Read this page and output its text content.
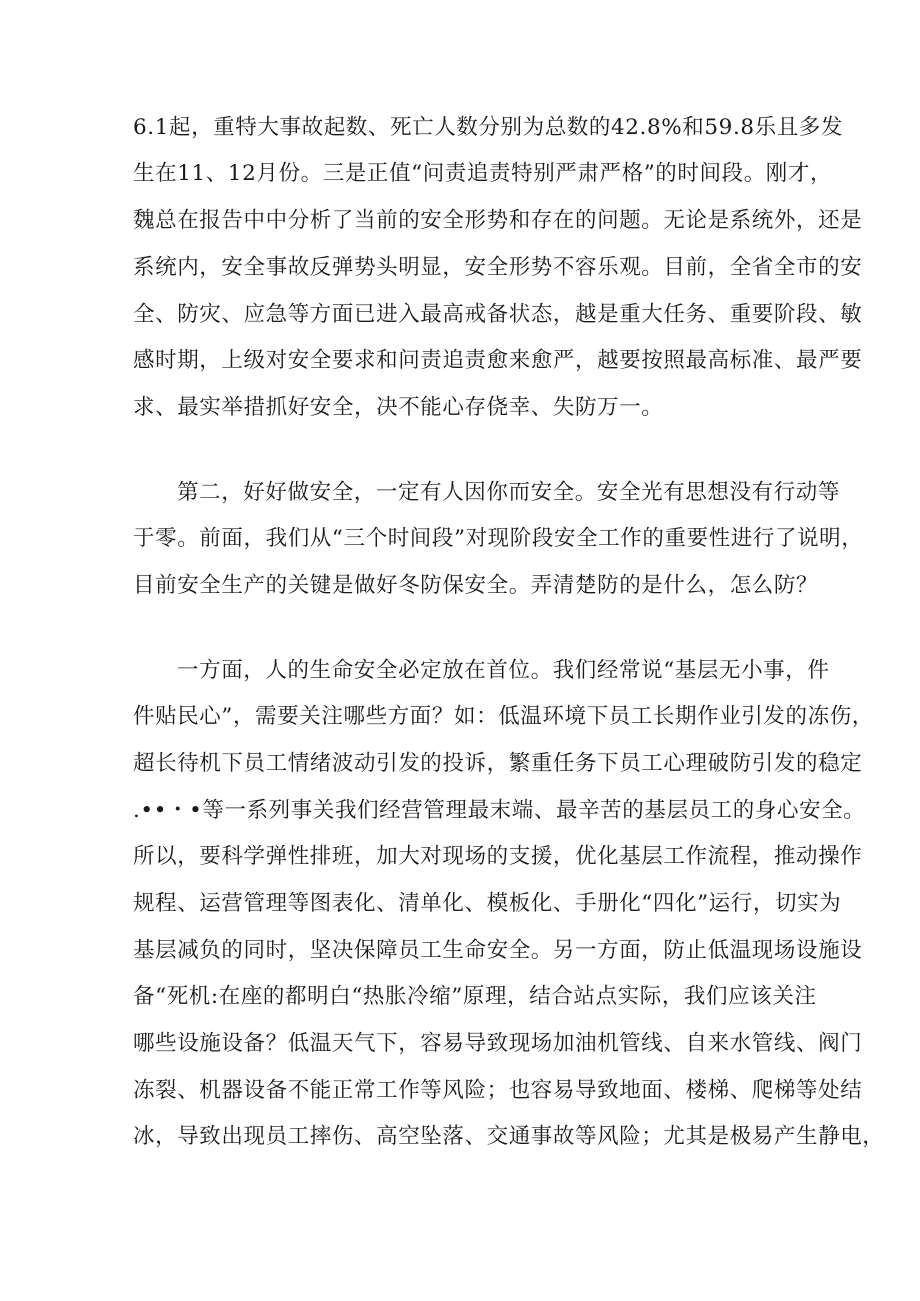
6.1起，重特大事故起数、死亡人数分别为总数的42.8%和59.8乐且多发
生在11、12月份。三是正值“问责追责特别严肃严格”的时间段。刚才，
魏总在报告中中分析了当前的安全形势和存在的问题。无论是系统外，还是
系统内，安全事故反弹势头明显，安全形势不容乐观。目前，全省全市的安
全、防灾、应急等方面已进入最高戒备状态，越是重大任务、重要阶段、敏
感时期，上级对安全要求和问责追责愈来愈严，越要按照最高标准、最严要
求、最实举措抓好安全，决不能心存侥幸、失防万一。
第二，好好做安全，一定有人因你而安全。安全光有思想没有行动等
于零。前面，我们从“三个时间段”对现阶段安全工作的重要性进行了说明，
目前安全生产的关键是做好冬防保安全。弄清楚防的是什么，怎么防？
一方面，人的生命安全必定放在首位。我们经常说“基层无小事，件
件贴民心”，需要关注哪些方面？如：低温环境下员工长期作业引发的冻伤，
超长待机下员工情绪波动引发的投诉，繁重任务下员工心理破防引发的稳定
.••・•等一系列事关我们经营管理最末端、最辛苦的基层员工的身心安全。
所以，要科学弹性排班，加大对现场的支援，优化基层工作流程，推动操作
规程、运营管理等图表化、清单化、模板化、手册化“四化”运行，切实为
基层减负的同时，坚决保障员工生命安全。另一方面，防止低温现场设施设
备“死机:在座的都明白“热胀冷缩”原理，结合站点实际，我们应该关注
哪些设施设备？低温天气下，容易导致现场加油机管线、自来水管线、阀门
冻裂、机器设备不能正常工作等风险；也容易导致地面、楼梯、爬梯等处结
冰，导致出现员工摔伤、高空坠落、交通事故等风险；尤其是极易产生静电，
